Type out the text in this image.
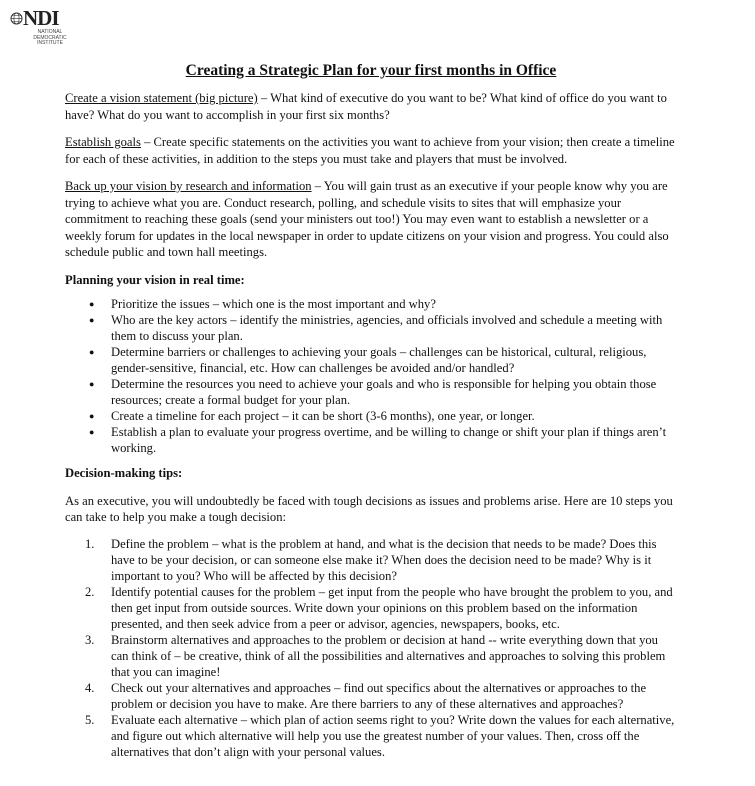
NDI
NATIONAL DEMOCRATIC INSTITUTE
Creating a Strategic Plan for your first months in Office

Create a vision statement (big picture) – What kind of executive do you want to be? What kind of office do you want to have? What do you want to accomplish in your first six months?

Establish goals – Create specific statements on the activities you want to achieve from your vision; then create a timeline for each of these activities, in addition to the steps you must take and players that must be involved.

Back up your vision by research and information – You will gain trust as an executive if your people know why you are trying to achieve what you are. Conduct research, polling, and schedule visits to sites that will emphasize your commitment to reaching these goals (send your ministers out too!) You may even want to establish a newsletter or a weekly forum for updates in the local newspaper in order to update citizens on your vision and progress. You could also schedule public and town hall meetings.

Planning your vision in real time:

● Prioritize the issues – which one is the most important and why?
● Who are the key actors – identify the ministries, agencies, and officials involved and schedule a meeting with them to discuss your plan.
● Determine barriers or challenges to achieving your goals – challenges can be historical, cultural, religious, gender-sensitive, financial, etc. How can challenges be avoided and/or handled?
● Determine the resources you need to achieve your goals and who is responsible for helping you obtain those resources; create a formal budget for your plan.
● Create a timeline for each project – it can be short (3-6 months), one year, or longer.
● Establish a plan to evaluate your progress overtime, and be willing to change or shift your plan if things aren’t working.

Decision-making tips:

As an executive, you will undoubtedly be faced with tough decisions as issues and problems arise. Here are 10 steps you can take to help you make a tough decision:

1. Define the problem – what is the problem at hand, and what is the decision that needs to be made? Does this have to be your decision, or can someone else make it? When does the decision need to be made? Why is it important to you? Who will be affected by this decision?
2. Identify potential causes for the problem – get input from the people who have brought the problem to you, and then get input from outside sources. Write down your opinions on this problem based on the information presented, and then seek advice from a peer or advisor, agencies, newspapers, books, etc.
3. Brainstorm alternatives and approaches to the problem or decision at hand -- write everything down that you can think of – be creative, think of all the possibilities and alternatives and approaches to solving this problem that you can imagine!
4. Check out your alternatives and approaches – find out specifics about the alternatives or approaches to the problem or decision you have to make. Are there barriers to any of these alternatives and approaches?
5. Evaluate each alternative – which plan of action seems right to you? Write down the values for each alternative, and figure out which alternative will help you use the greatest number of your values. Then, cross off the alternatives that don’t align with your personal values.
